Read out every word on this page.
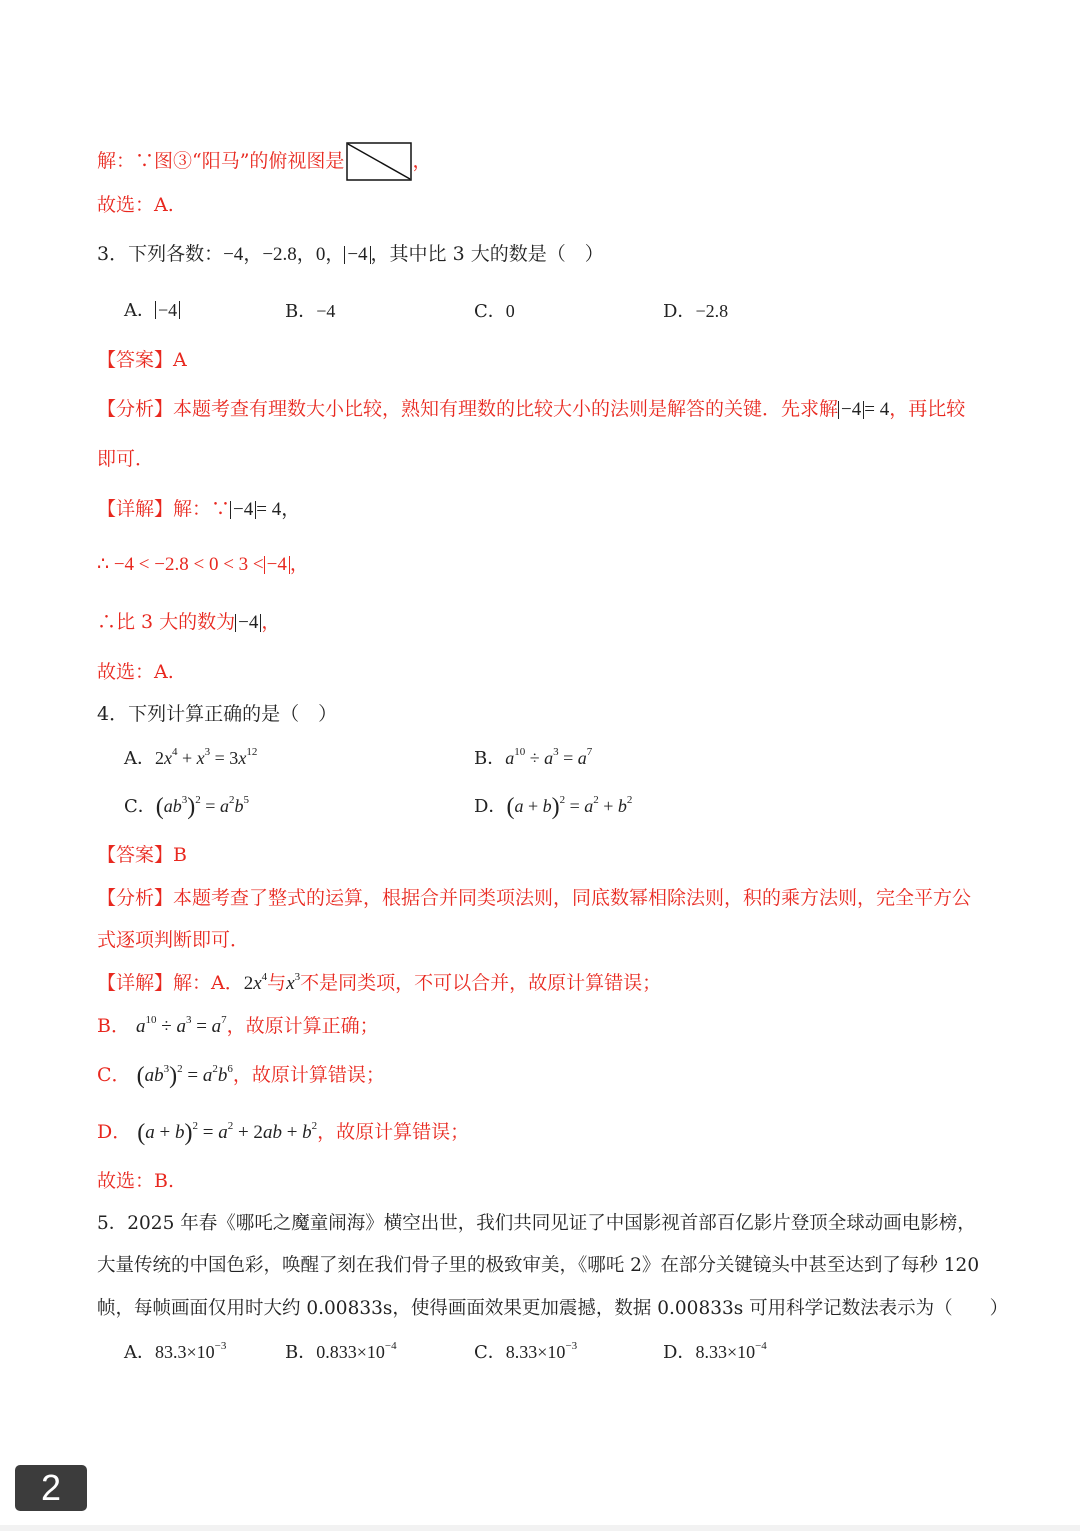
解：∵图③“阳马”的俯视图是	，
故选：A.
3．下列各数：−4，−2.8，0， −4 ，其中比 3 大的数是（　）
A． −4	B．−4	C．0	D．−2.8
【答案】A
【分析】本题考查有理数大小比较，熟知有理数的比较大小的法则是解答的关键．先求解 −4 = 4，再比较
即可．
【详解】解：∵ −4 = 4，
∴ −4 < −2.8 < 0 < 3 < −4 ，
∴比 3 大的数为 −4 ，
故选：A.
4．下列计算正确的是（　）
A．$2x^4 + x^3 = 3x^{12}$	B．$a^{10} \div a^3 = a^7$
C．$(ab^3)^2 = a^2b^5$	D．$(a + b)^2 = a^2 + b^2$
【答案】B
【分析】本题考查了整式的运算，根据合并同类项法则，同底数幂相除法则，积的乘方法则，完全平方公
式逐项判断即可．
【详解】解：A．$2x^4$与$x^3$不是同类项，不可以合并，故原计算错误；
B． $a^{10} \div a^3 = a^7$，故原计算正确；
C． $(ab^3)^2 = a^2b^6$，故原计算错误；
D． $(a + b)^2 = a^2 + 2ab + b^2$，故原计算错误；
故选：B.
5．2025 年春《哪吒之魔童闹海》横空出世，我们共同见证了中国影视首部百亿影片登顶全球动画电影榜，
大量传统的中国色彩，唤醒了刻在我们骨子里的极致审美，《哪吒 2》在部分关键镜头中甚至达到了每秒 120
帧，每帧画面仅用时大约 0.00833s，使得画面效果更加震撼，数据 0.00833s 可用科学记数法表示为（　　）
A．$83.3\times 10^{-3}$	B．$0.833\times 10^{-4}$	C．$8.33\times 10^{-3}$	D．$8.33\times 10^{-4}$
2
